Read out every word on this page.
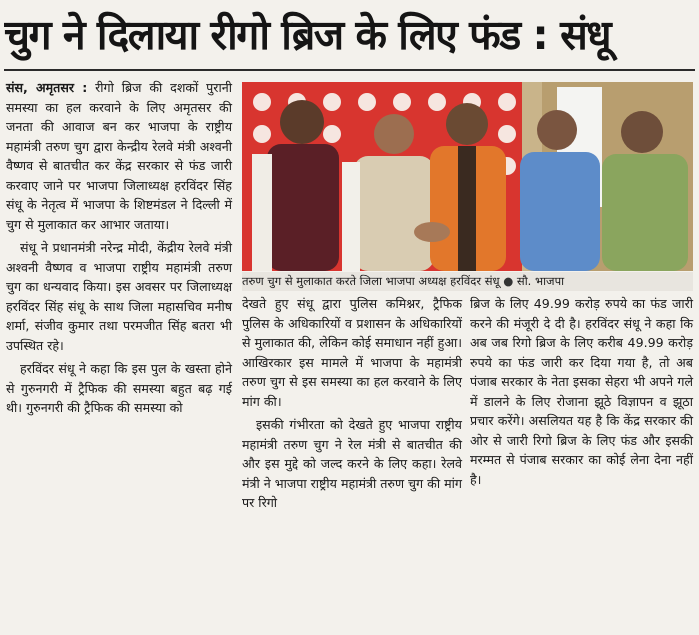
चुग ने दिलाया रीगो ब्रिज के लिए फंड : संधू

संस, अमृतसर : रीगो ब्रिज की दशकों पुरानी समस्या का हल करवाने के लिए अमृतसर की जनता की आवाज बन कर भाजपा के राष्ट्रीय महामंत्री तरुण चुग द्वारा केन्द्रीय रेलवे मंत्री अश्वनी वैष्णव से बातचीत कर केंद्र सरकार से फंड जारी करवाए जाने पर भाजपा जिलाध्यक्ष हरविंदर सिंह संधू के नेतृत्व में भाजपा के शिष्टमंडल ने दिल्ली में चुग से मुलाकात कर आभार जताया।

संधू ने प्रधानमंत्री नरेन्द्र मोदी, केंद्रीय रेलवे मंत्री अश्वनी वैष्णव व भाजपा राष्ट्रीय महामंत्री तरुण चुग का धन्यवाद किया। इस अवसर पर जिलाध्यक्ष हरविंदर सिंह संधू के साथ जिला महासचिव मनीष शर्मा, संजीव कुमार तथा परमजीत सिंह बतरा भी उपस्थित रहे।

हरविंदर संधू ने कहा कि इस पुल के खस्ता होने से गुरुनगरी में ट्रैफिक की समस्या बहुत बढ़ गई थी। गुरुनगरी की ट्रैफिक की समस्या को

तरुण चुग से मुलाकात करते जिला भाजपा अध्यक्ष हरविंदर संधू ● सौ. भाजपा

देखते हुए संधू द्वारा पुलिस कमिश्नर, ट्रैफिक पुलिस के अधिकारियों व प्रशासन के अधिकारियों से मुलाकात की, लेकिन कोई समाधान नहीं हुआ। आखिरकार इस मामले में भाजपा के महामंत्री तरुण चुग से इस समस्या का हल करवाने के लिए मांग की।

इसकी गंभीरता को देखते हुए भाजपा राष्ट्रीय महामंत्री तरुण चुग ने रेल मंत्री से बातचीत की और इस मुद्दे को जल्द करने के लिए कहा। रेलवे मंत्री ने भाजपा राष्ट्रीय महामंत्री तरुण चुग की मांग पर रिगो

ब्रिज के लिए 49.99 करोड़ रुपये का फंड जारी करने की मंजूरी दे दी है। हरविंदर संधू ने कहा कि अब जब रिगो ब्रिज के लिए करीब 49.99 करोड़ रुपये का फंड जारी कर दिया गया है, तो अब पंजाब सरकार के नेता इसका सेहरा भी अपने गले में डालने के लिए रोजाना झूठे विज्ञापन व झूठा प्रचार करेंगे। असलियत यह है कि केंद्र सरकार की ओर से जारी रिगो ब्रिज के लिए फंड और इसकी मरम्मत से पंजाब सरकार का कोई लेना देना नहीं है।
